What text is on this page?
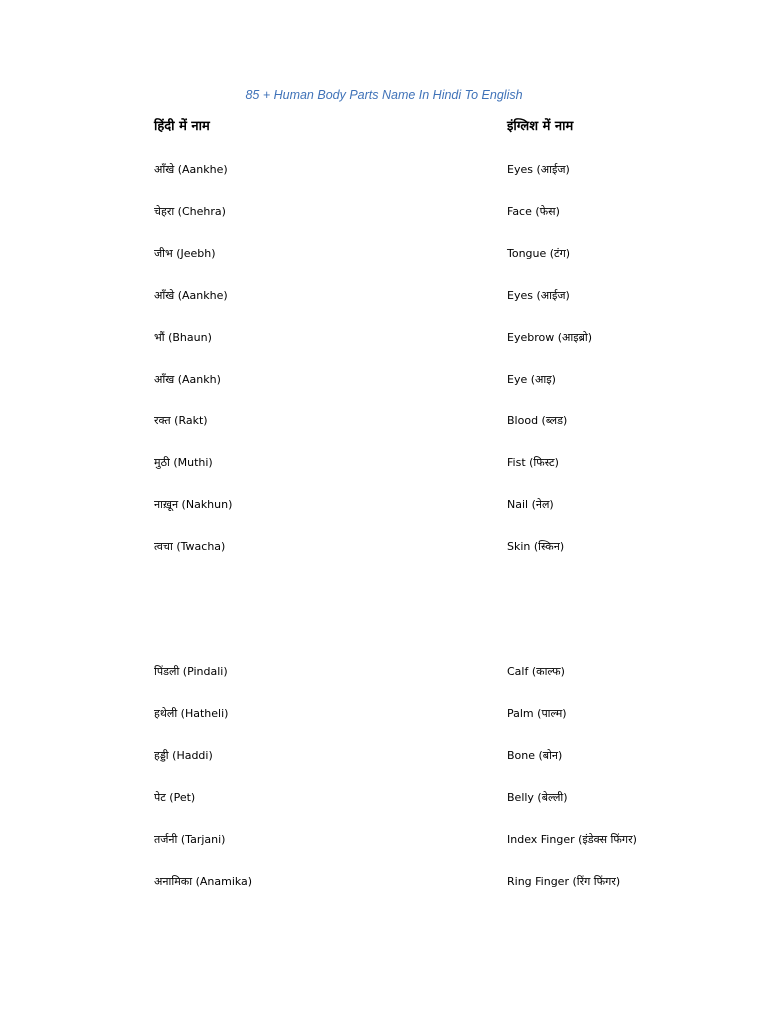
85 + Human Body Parts Name In Hindi To English

हिंदी में नाम	इंग्लिश में नाम

आँखे (Aankhe)	Eyes (आईज)
चेहरा (Chehra)	Face (फेस)
जीभ (Jeebh)	Tongue (टंग)
आँखे (Aankhe)	Eyes (आईज)
भौं (Bhaun)	Eyebrow (आइब्रो)
आँख (Aankh)	Eye (आइ)
रक्त (Rakt)	Blood (ब्लड)
मुठी (Muthi)	Fist (फिस्ट)
नाख़ून (Nakhun)	Nail (नेल)
त्वचा (Twacha)	Skin (स्किन)
पिंडली (Pindali)	Calf (काल्फ)
हथेली (Hatheli)	Palm (पाल्म)
हड्डी (Haddi)	Bone (बोन)
पेट (Pet)	Belly (बेल्ली)
तर्जनी (Tarjani)	Index Finger (इंडेक्स फिंगर)
अनामिका (Anamika)	Ring Finger (रिंग फिंगर)
